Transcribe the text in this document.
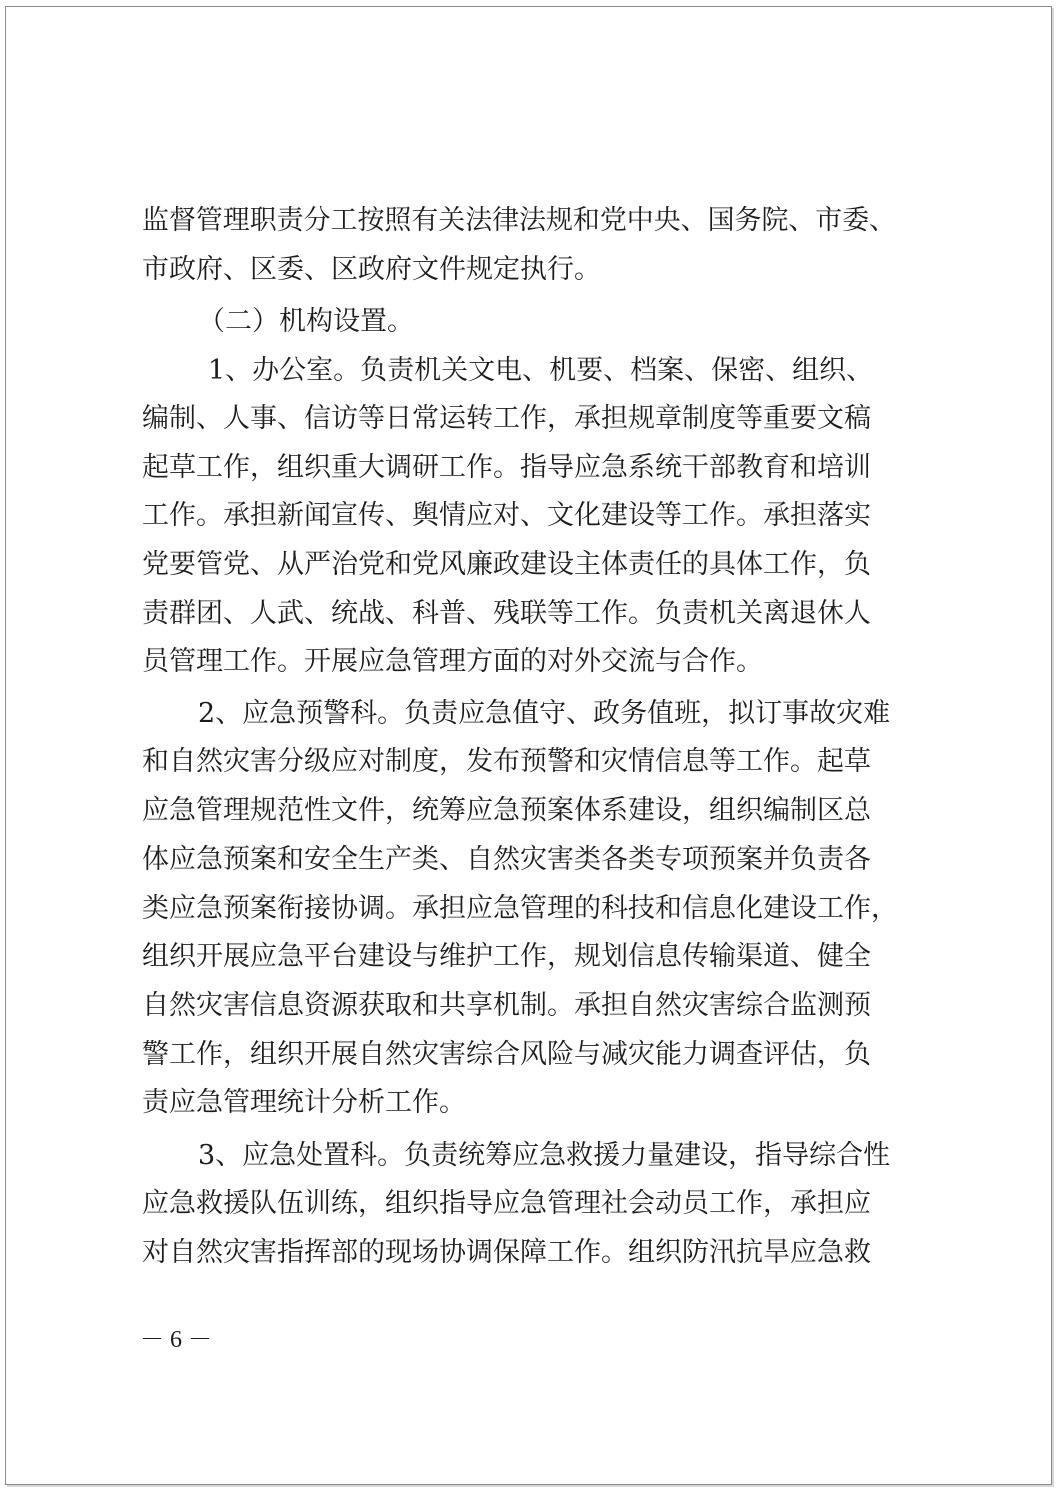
监督管理职责分工按照有关法律法规和党中央、国务院、市委、
市政府、区委、区政府文件规定执行。
（二）机构设置。
1、办公室。负责机关文电、机要、档案、保密、组织、
编制、人事、信访等日常运转工作，承担规章制度等重要文稿
起草工作，组织重大调研工作。指导应急系统干部教育和培训
工作。承担新闻宣传、舆情应对、文化建设等工作。承担落实
党要管党、从严治党和党风廉政建设主体责任的具体工作，负
责群团、人武、统战、科普、残联等工作。负责机关离退休人
员管理工作。开展应急管理方面的对外交流与合作。
2、应急预警科。负责应急值守、政务值班，拟订事故灾难
和自然灾害分级应对制度，发布预警和灾情信息等工作。起草
应急管理规范性文件，统筹应急预案体系建设，组织编制区总
体应急预案和安全生产类、自然灾害类各类专项预案并负责各
类应急预案衔接协调。承担应急管理的科技和信息化建设工作，
组织开展应急平台建设与维护工作，规划信息传输渠道、健全
自然灾害信息资源获取和共享机制。承担自然灾害综合监测预
警工作，组织开展自然灾害综合风险与减灾能力调查评估，负
责应急管理统计分析工作。
3、应急处置科。负责统筹应急救援力量建设，指导综合性
应急救援队伍训练，组织指导应急管理社会动员工作，承担应
对自然灾害指挥部的现场协调保障工作。组织防汛抗旱应急救
－ 6 －
